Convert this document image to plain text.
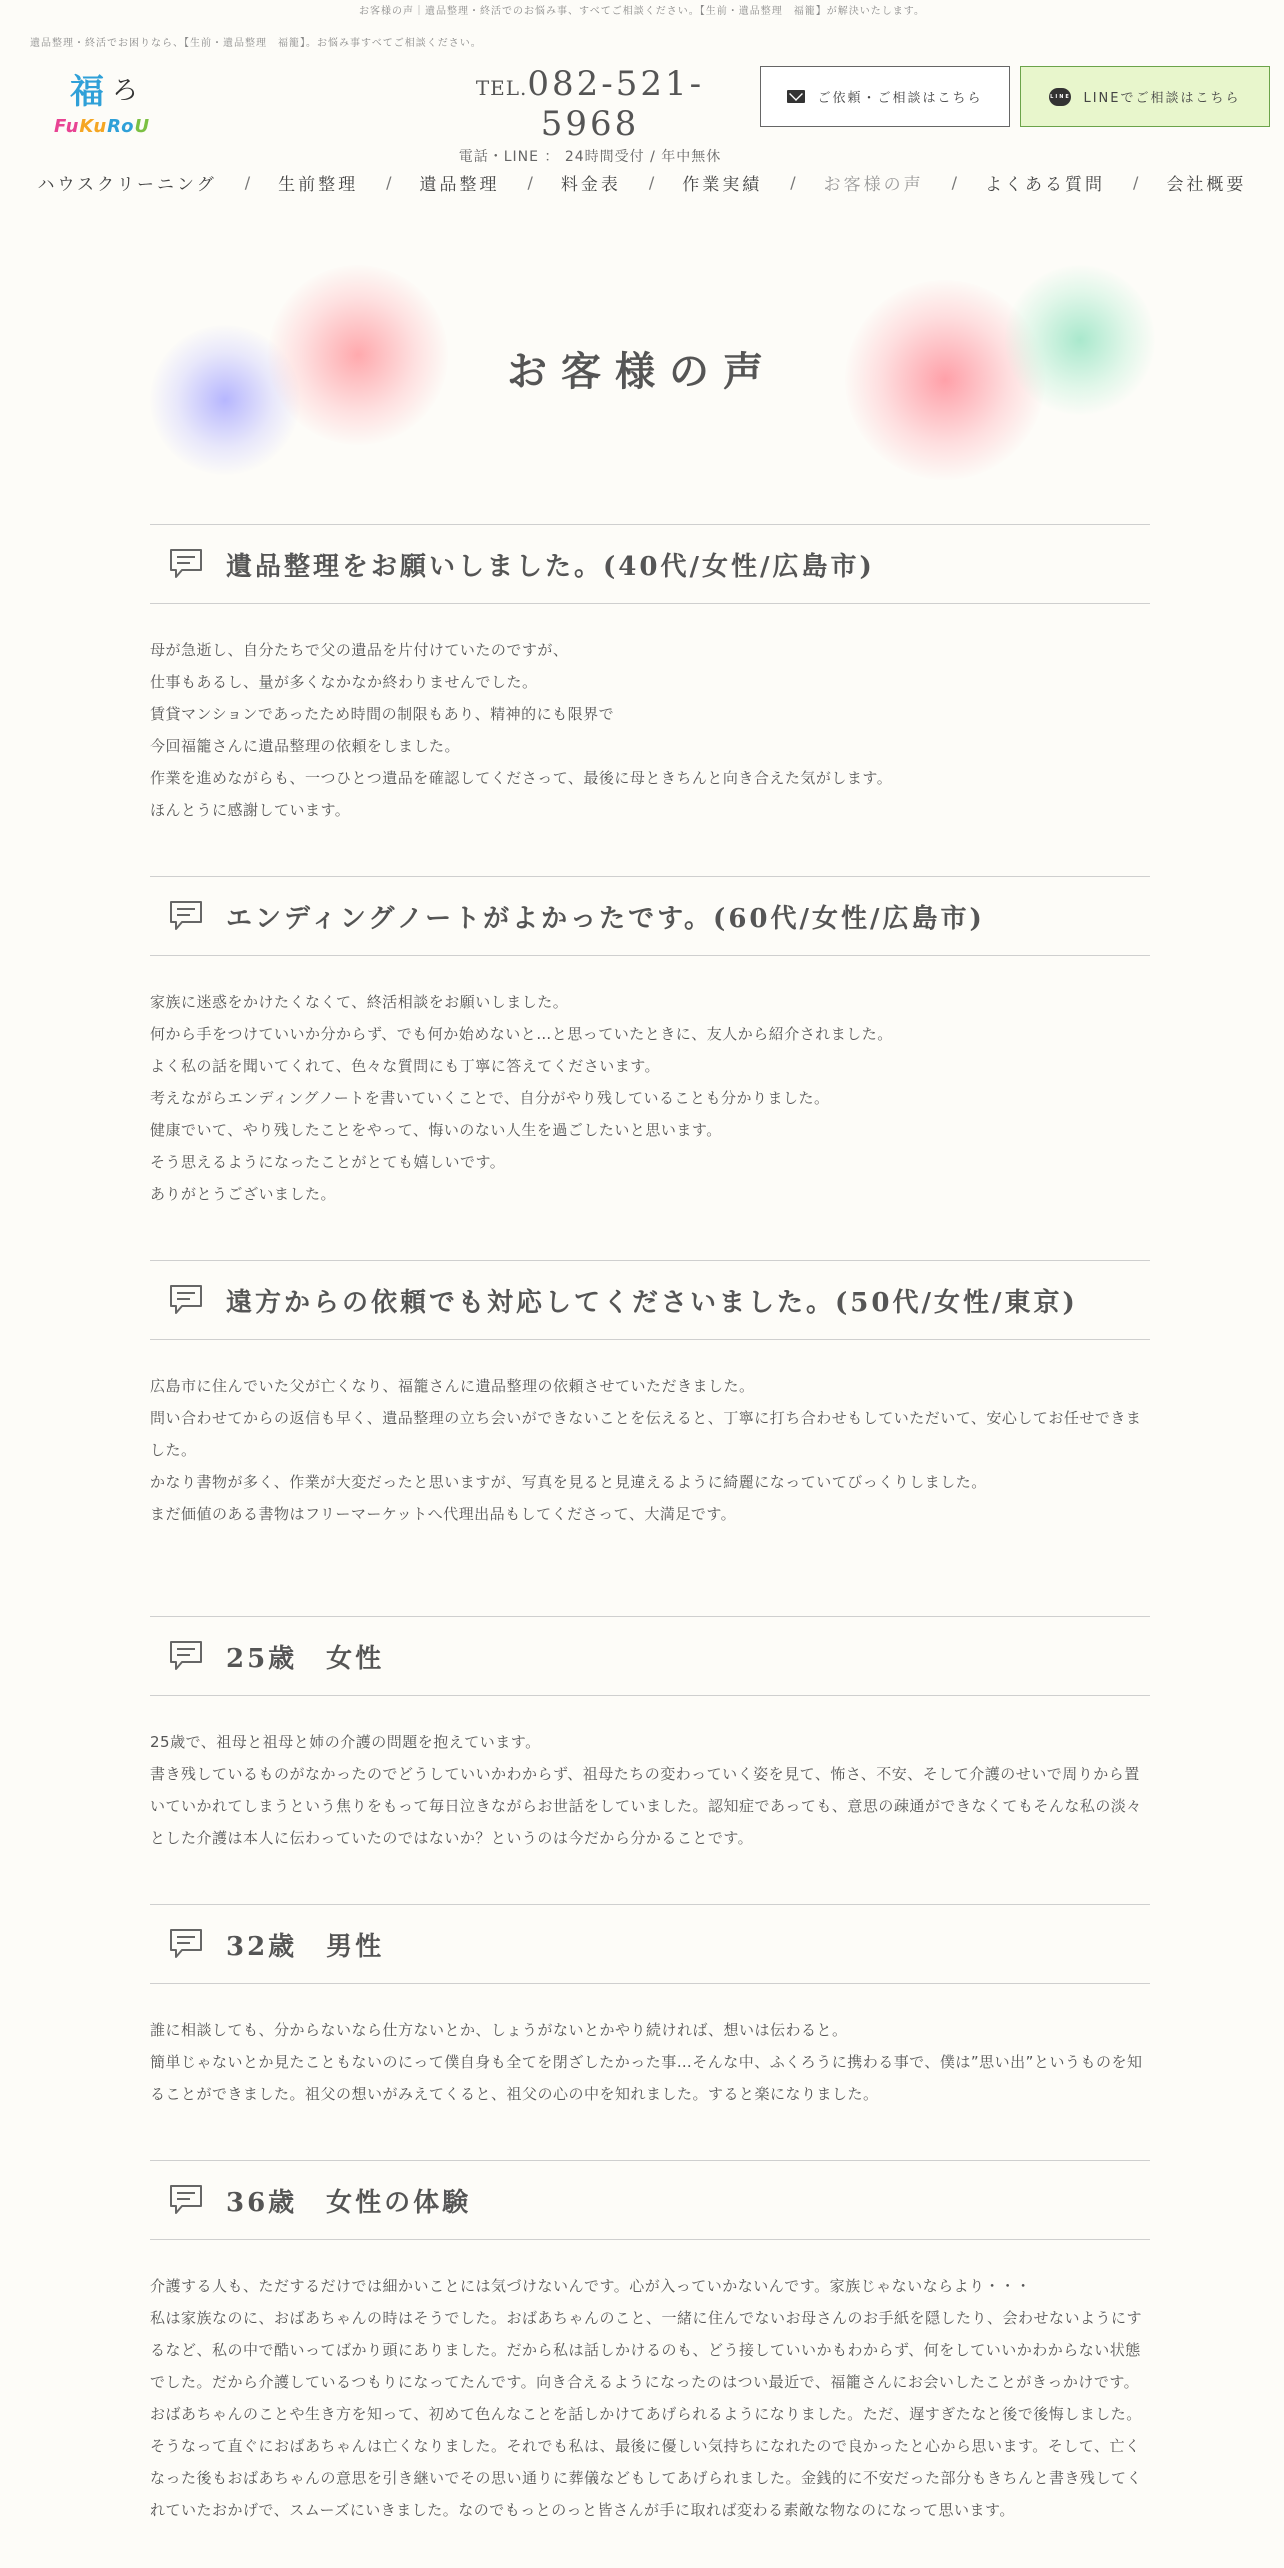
お客様の声｜遺品整理・終活でのお悩み事、すべてご相談ください。【生前・遺品整理　福籠】が解決いたします。
遺品整理・終活でお困りなら、【生前・遺品整理　福籠】。お悩み事すべてご相談ください。
福 ろ
FuKuRoU
TEL.082-521-5968
電話・LINE ： 24時間受付 / 年中無休
ご依頼・ご相談はこちら	LINE LINEでご相談はこちら
ハウスクリーニング	/	生前整理	/	遺品整理	/	料金表	/	作業実績	/	お客様の声	/	よくある質問	/	会社概要
お客様の声
遺品整理をお願いしました。(40代/女性/広島市)

母が急逝し、自分たちで父の遺品を片付けていたのですが、
仕事もあるし、量が多くなかなか終わりませんでした。
賃貸マンションであったため時間の制限もあり、精神的にも限界で
今回福籠さんに遺品整理の依頼をしました。
作業を進めながらも、一つひとつ遺品を確認してくださって、最後に母ときちんと向き合えた気がします。
ほんとうに感謝しています。

エンディングノートがよかったです。(60代/女性/広島市)

家族に迷惑をかけたくなくて、終活相談をお願いしました。
何から手をつけていいか分からず、でも何か始めないと…と思っていたときに、友人から紹介されました。
よく私の話を聞いてくれて、色々な質問にも丁寧に答えてくださいます。
考えながらエンディングノートを書いていくことで、自分がやり残していることも分かりました。
健康でいて、やり残したことをやって、悔いのない人生を過ごしたいと思います。
そう思えるようになったことがとても嬉しいです。
ありがとうございました。

遠方からの依頼でも対応してくださいました。(50代/女性/東京)

広島市に住んでいた父が亡くなり、福籠さんに遺品整理の依頼させていただきました。
問い合わせてからの返信も早く、遺品整理の立ち会いができないことを伝えると、丁寧に打ち合わせもしていただいて、安心してお任せできました。
かなり書物が多く、作業が大変だったと思いますが、写真を見ると見違えるように綺麗になっていてびっくりしました。
まだ価値のある書物はフリーマーケットへ代理出品もしてくださって、大満足です。

25歳　女性

25歳で、祖母と祖母と姉の介護の問題を抱えています。
書き残しているものがなかったのでどうしていいかわからず、祖母たちの変わっていく姿を見て、怖さ、不安、そして介護のせいで周りから置いていかれてしまうという焦りをもって毎日泣きながらお世話をしていました。認知症であっても、意思の疎通ができなくてもそんな私の淡々とした介護は本人に伝わっていたのではないか？というのは今だから分かることです。

32歳　男性

誰に相談しても、分からないなら仕方ないとか、しょうがないとかやり続ければ、想いは伝わると。
簡単じゃないとか見たこともないのにって僕自身も全てを閉ざしたかった事…そんな中、ふくろうに携わる事で、僕は”思い出”というものを知ることができました。祖父の想いがみえてくると、祖父の心の中を知れました。すると楽になりました。

36歳　女性の体験

介護する人も、ただするだけでは細かいことには気づけないんです。心が入っていかないんです。家族じゃないならより・・・
私は家族なのに、おばあちゃんの時はそうでした。おばあちゃんのこと、一緒に住んでないお母さんのお手紙を隠したり、会わせないようにするなど、私の中で酷いってばかり頭にありました。だから私は話しかけるのも、どう接していいかもわからず、何をしていいかわからない状態でした。だから介護しているつもりになってたんです。向き合えるようになったのはつい最近で、福籠さんにお会いしたことがきっかけです。おばあちゃんのことや生き方を知って、初めて色んなことを話しかけてあげられるようになりました。ただ、遅すぎたなと後で後悔しました。そうなって直ぐにおばあちゃんは亡くなりました。それでも私は、最後に優しい気持ちになれたので良かったと心から思います。そして、亡くなった後もおばあちゃんの意思を引き継いでその思い通りに葬儀などもしてあげられました。金銭的に不安だった部分もきちんと書き残してくれていたおかげで、スムーズにいきました。なのでもっとのっと皆さんが手に取れば変わる素敵な物なのになって思います。
